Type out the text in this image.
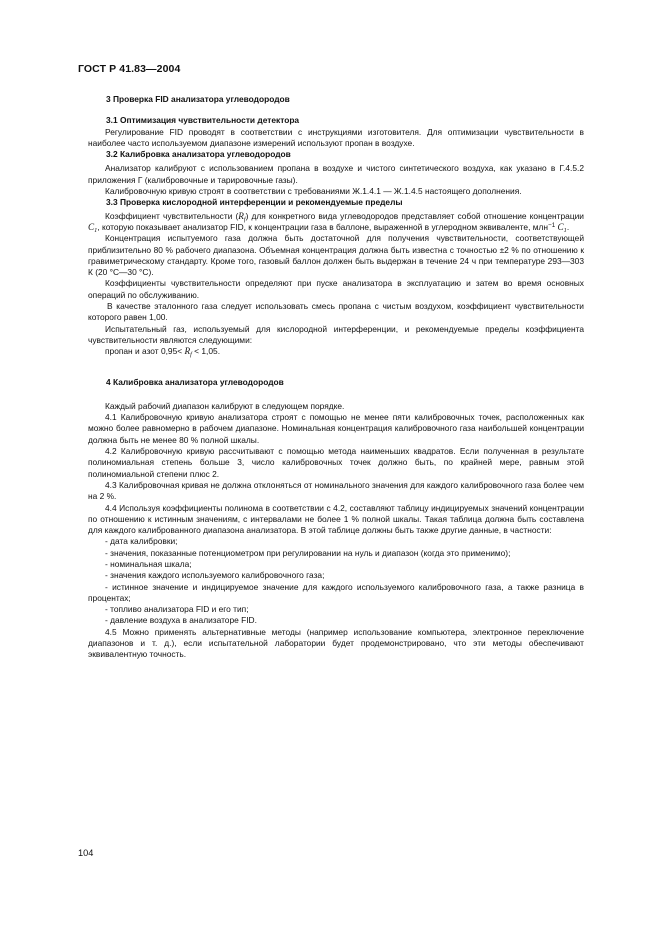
ГОСТ Р 41.83—2004

3 Проверка FID анализатора углеводородов

3.1 Оптимизация чувствительности детектора

Регулирование FID проводят в соответствии с инструкциями изготовителя. Для оптимизации чувствительности в наиболее часто используемом диапазоне измерений используют пропан в воздухе.

3.2 Калибровка анализатора углеводородов

Анализатор калибруют с использованием пропана в воздухе и чистого синтетического воздуха, как указано в Г.4.5.2 приложения Г (калибровочные и тарировочные газы).

Калибровочную кривую строят в соответствии с требованиями Ж.1.4.1 — Ж.1.4.5 настоящего дополнения.

3.3 Проверка кислородной интерференции и рекомендуемые пределы

Коэффициент чувствительности $(R_f)$ для конкретного вида углеводородов представляет собой отношение концентрации $C_1$, которую показывает анализатор FID, к концентрации газа в баллоне, выраженной в углеродном эквиваленте, млн$^{-1}$ $C_1$.

Концентрация испытуемого газа должна быть достаточной для получения чувствительности, соответствующей приблизительно 80 % рабочего диапазона. Объемная концентрация должна быть известна с точностью ±2 % по отношению к гравиметрическому стандарту. Кроме того, газовый баллон должен быть выдержан в течение 24 ч при температуре 293—303 К (20 °С—30 °С).

Коэффициенты чувствительности определяют при пуске анализатора в эксплуатацию и затем во время основных операций по обслуживанию.

В качестве эталонного газа следует использовать смесь пропана с чистым воздухом, коэффициент чувствительности которого равен 1,00.

Испытательный газ, используемый для кислородной интерференции, и рекомендуемые пределы коэффициента чувствительности являются следующими:

пропан и азот $0,95< R_f < 1,05$.

4 Калибровка анализатора углеводородов

Каждый рабочий диапазон калибруют в следующем порядке.

4.1 Калибровочную кривую анализатора строят с помощью не менее пяти калибровочных точек, расположенных как можно более равномерно в рабочем диапазоне. Номинальная концентрация калибровочного газа наибольшей концентрации должна быть не менее 80 % полной шкалы.

4.2 Калибровочную кривую рассчитывают с помощью метода наименьших квадратов. Если полученная в результате полиномиальная степень больше 3, число калибровочных точек должно быть, по крайней мере, равным этой полиномиальной степени плюс 2.

4.3 Калибровочная кривая не должна отклоняться от номинального значения для каждого калибровочного газа более чем на 2 %.

4.4 Используя коэффициенты полинома в соответствии с 4.2, составляют таблицу индицируемых значений концентрации по отношению к истинным значениям, с интервалами не более 1 % полной шкалы. Такая таблица должна быть составлена для каждого калиброванного диапазона анализатора. В этой таблице должны быть также другие данные, в частности:

- дата калибровки;

- значения, показанные потенциометром при регулировании на нуль и диапазон (когда это применимо);

- номинальная шкала;

- значения каждого используемого калибровочного газа;

- истинное значение и индицируемое значение для каждого используемого калибровочного газа, а также разница в процентах;

- топливо анализатора FID и его тип;

- давление воздуха в анализаторе FID.

4.5 Можно применять альтернативные методы (например использование компьютера, электронное переключение диапазонов и т. д.), если испытательной лаборатории будет продемонстрировано, что эти методы обеспечивают эквивалентную точность.

104
